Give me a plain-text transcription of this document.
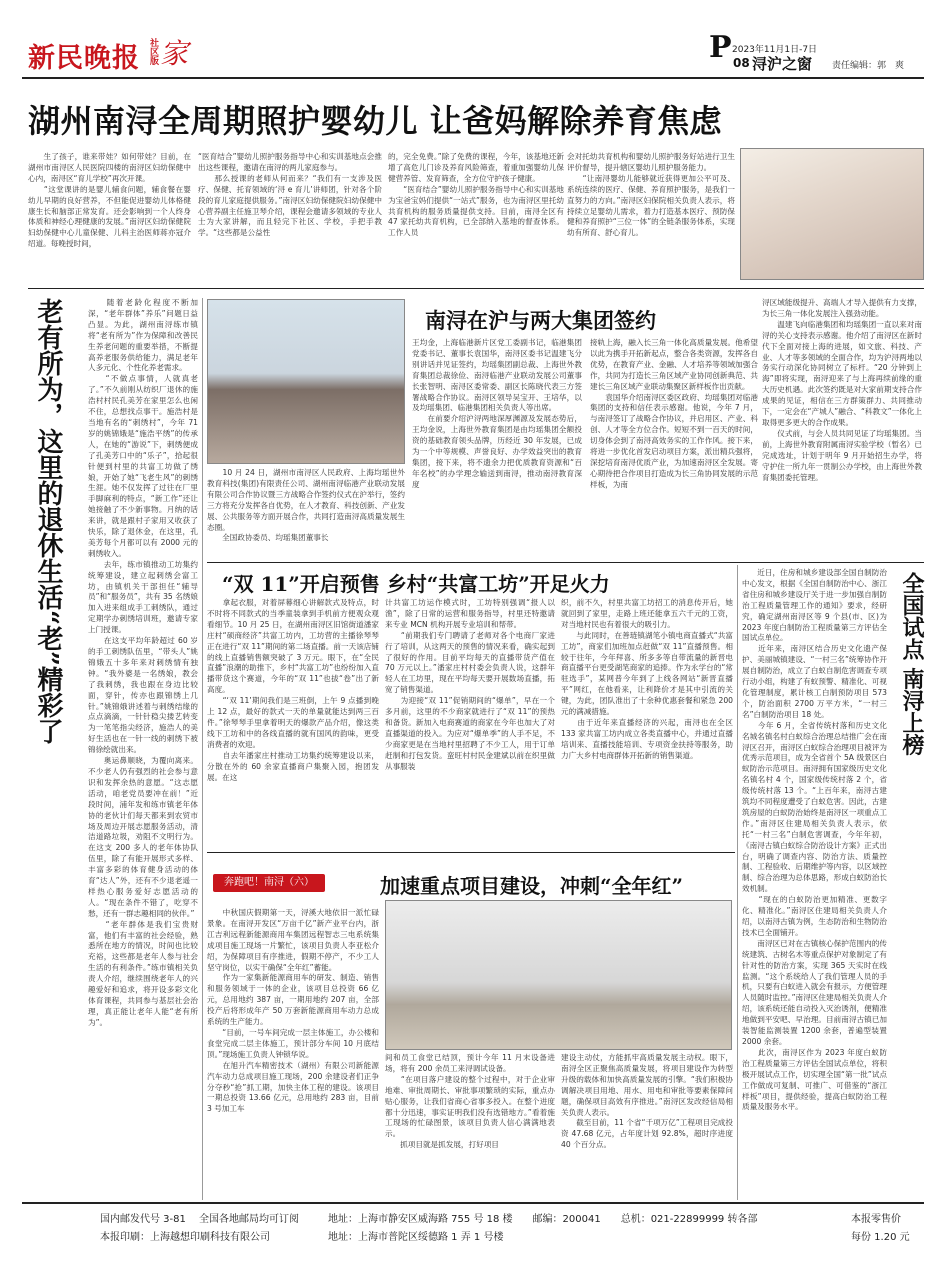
新民晚报 社区版 家	P 2023年11月1日-7日
08 浔沪之窗 责任编辑：郭　爽
湖州南浔全周期照护婴幼儿 让爸妈解除养育焦虑
　　生了孩子，谁来带娃？如何带娃？目前，在湖州市南浔区人民医院四楼的南浔区妇幼保健中心内，南浔区“育儿学校”再次开课。
　　“这堂课讲的是婴儿辅食问题，辅食餐在婴幼儿早期的良好营养，不但能促进婴幼儿体格健康生长和脑部正常发育。还会影响到一个人终身体质和神经心理健康的发展。”南浔区妇幼保健院妇幼保健中心儿童保健、儿科主治医师蒋亦冠介绍道。每晚授时间，
“医育结合”婴幼儿照护服务指导中心和实训基地点会推出这些课程，邀请在南浔的两儿家庭参与。
　　那么授课的老师从何而来？“我们有一支涉及医疗、保健、托育领域的‘浔 e 育儿’讲师团，针对各个阶段的育儿家庭提供服务。”南浔区妇幼保健院妇幼保健中心营养副主任施卫琴介绍，课程会邀请多领域的专业人士为大家讲解，而且轻完下社区、学校，手把手教学。“这些都是公益性
的，完全免费。”除了免费的课程，今年，该基地还新增了高危儿门诊及养育风险筛查，着重加强婴幼儿保健营养管、发育筛查，全方位守护孩子健康。
　　“医育结合”婴幼儿照护服务指导中心和实训基地为宝爸宝妈们提供“一站式”服务，也为南浔区里托幼共育机构的服务质量提供支持。目前，南浔全区有 47 家托幼共育机构，已全部纳入基地的督查体系。工作人员
会对托幼共育机构和婴幼儿照护服务好站进行卫生评价督导，提升辖区婴幼儿照护服务能力。
　　“让南浔婴幼儿能够就近获得更加公平可及、系统连续的医疗、保健、养育照护服务，是我们一直努力的方向。”南浔区妇保院相关负责人表示，将持续立足婴幼儿需求，着力打造基本医疗、预防保健和养育照护“三位一体”的全链条服务体系，实现幼有所育、舒心育儿。
老有所为，这里的退休生活“老”精彩了	　　随着老龄化程度不断加深，“老年群体”养乐”问题日益凸显。为此，湖州南浔练市镇将“老有所为”作为保障和改善民生养老问题的重要举措，不断提高养老服务供给能力，满足老年人多元化、个性化养老需求。
　　“不做点事情，人就真老了。”不久前刚从纺织厂退休的施浩村村民孔美芳在家里怎么也闲不住，总想找点事干。施浩村是当地有名的“刺绣村”，今年 71 岁的姚锦娥是“施浩平绣”的传承人，在她的“游说”下，刺绣便成了孔美芳口中的“乐子”，拾起很针便到村里的共富工坊做了绣娘，开始了她“飞老生风”的刺绣生涯。她不仅发挥了过往在厂里手脚麻利的特点，“新工作”还让她接触了不少新事物。月纳的话来讲，就是跟村子家用又收获了快乐，除了退休金，在这里，孔美芳每个月都可以有 2000 元的刺绣收入。
　　去年，练市镇推动工坊集约统筹建设，建立起刺绣会富工坊，由镇机关干部担任“辅导员”和“服务员”，共有 35 名绣娘加入进来组成手工刺绣队，通过定期学办刺绣培训班，邀请专家上门授课。
　　在这支平均年龄超过 60 岁的手工刺绣队伍里，“带头人”姚锦娥五十多年来对刺绣情有独钟。“我外婆是一名绣娘，教会了我刺绣，我也跟在身边比较面，穿针，传亦也跟锦绣上几针。”姚锦娥讲述着与刺绣结缘的点点滴滴，一针针稳尖搂艺转变为一笔笔指尖经济，施浩人的美好生活也在一针一线的刺绣下被锦徐绘就出来。
　　奥运鼻顺晓，为覆向离来。不少老人仍有强烈的社会参与意识和发挥余热的意愿。“这志愿活动，咱老党员要冲在前！”近段时间，浦年发和练市镇老年体协的老伙计们每天都来到农贸市场及周边开展志愿服务活动，清洁道路垃圾，劝阻不文明行为。在这支 200 多人的老年体协队伍里，除了有能开展形式多样、丰富多彩的体育健身活动的体育“达人”外，还有不少退老遥一样热心服务爱好志愿活动的人。“现在条件不错了，吃穿不愁，还有一群志趣相同的伙伴。”
　　“老年群体是我们宝贵财富，他们有丰富的社会经验，熟悉所在地方的情况，时间也比较充裕，这些都是老年人参与社会生活的有利条件。”练市镇相关负责人介绍，继续围绕老年人的兴趣爱好和追求，将开设多彩文化体育课程，共同参与基层社会治理，真正能让老年人能“老有所为”。
南浔在沪与两大集团签约
　　10 月 24 日，湖州市南浔区人民政府、上海均瑶世外教育科技(集团)有限责任公司、湖州南浔临港产业联动发展有限公司合作协议暨三方战略合作签约仪式在沪举行，签约三方将充分发挥各自优势，在人才教育、科技创新、产业发展、公共服务等方面开展合作，共同打造南浔高质量发展生态圈。
　　全国政协委员、均瑶集团董事长
王均金，上海临港新片区党工委副书记，临港集团党委书记、董事长袁国华，南浔区委书记温建飞分别讲话并见证签约，均瑶集团副总裁、上海世外教育集团总裁徐俭、南浔临港产业联动发展公司董事长张智明、南浔区委常委、副区长陈晓代表三方签署战略合作协议。南浔区领导吴宝开、王培华，以及均瑶集团、临港集团相关负责人等出席。
　　在前要介绍沪浔两地深厚渊源及发展态势后，王均金说，上海世外教育集团是由均瑶集团全额投资的基础教育领头品牌，历经近 30 年发展，已成为一个中等规模、声誉良好、办学效益突出的教育集团，接下来，将不遗余力把优质教育资源和“百年名校”的办学理念输送到南浔，推动南浔教育深度
接轨上海，融入长三角一体化高质量发展。他希望以此为携手开拓新起点，整合各类资源，发挥各自优势，在教育产业、金融、人才培养等领域加强合作，共同为打造长三角区域产业协同创新典范、共建长三角区域产业联动集聚区新样板作出贡献。
　　袁国华介绍南浔区委区政府、均瑶集团对临港集团的支持和信任表示感谢。他说，今年 7 月，与南浔签订了战略合作协议，并启用区、产业、科创、人才等全方位合作。短短不到一百天的时间，切身体会到了南浔高效务实的工作作风。接下来，将进一步优化首发启动项目方案，派出精兵强将，深挖培育南浔优质产业，为加速南浔区全发展。寄心期待把合作项目打造成为长三角协同发展的示范样板，为南
浔区域能级提升、高端人才导入提供有力支撑，为长三角一体化发展注入强劲动能。
　　温建飞向临港集团和均瑶集团一直以来对南浔的关心支持表示感谢。他介绍了南浔区在新时代下全面对接上海的进展，如文旅、科技、产业、人才等多领域的全面合作，均为沪浔两地以务实行动深化协同树立了标杆。“20 分钟到上海”即将实现，南浔迎来了与上海再续前缘的重大历史机遇。此次签约既是对大家前期支持合作成果的见证，相信在三方群策群力、共同推动下，一定会在“产城人”融合、“科教文”一体化上取得更多更大的合作成果。
　　仪式前，与会人员共同见证了均瑶集团。当前，上海世外教育附属南浔实验学校（暂名）已完成选址，计划于明年 9 月开始招生办学，将守护住一所九年一贯制公办学校，由上海世外教育集团委托管理。
“双 11”开启预售 乡村“共富工坊”开足火力
　　拿起衣服，对着屏幕细心讲解款式及特点，时不时将不同款式的当季童装拿到手机前方便观众观看细节。10 月 25 日，在湖州南浔区旧馆街道潘家庄村“硕商经济”共富工坊内，工坊营的主播徐琴琴正在进行“双 11”期间的第二场直播。前一天该店铺的线上直播销售额突破了 3 万元。眼下，在“全民直播”浪潮的助推下，乡村“共富工坊”也纷纷加入直播带货这个赛道，今年的“双 11”也拔“卷”出了新高度。
　　“‘双 11’期间我们是三班倒，上午 9 点播到晚上 12 点，最好的款式一天的单量就能达到两三百件。”徐琴琴手里拿着明天的爆款产品介绍，像这类线下工坊和中的各线直播的就有国风的韵味，更受消费者的欢迎。
　　自去年潘家庄村推动工坊集约统筹建设以来，分散在外的 60 余家直播商户集聚入园，抱团发展。在这
计共富工坊运作模式时，工坊特别强调“报人以渔”，除了日常的运营和服务指导，村里还特邀请来专业 MCN 机构开展专业培训和帮带。
　　“前期我们专门聘请了老师对各个电商厂家进行了培训，从这两天的预售的情况来看，确实起到了很好的作用。目前平均每天的直播带货产值在 70 万元以上。”潘家庄村村委会负责人说，这群年轻人在工坊里，现在平均每天要开展数场直播，拓宽了销售渠道。
　　为迎接“双 11”促销期间的“爆单”，早在一个多月前，这里的不少商家就进行了“双 11”的预热和备货。新加入电商赛道的商家在今年也加大了对直播渠道的投入。为应对“爆单季”的人手不足，不少商家更是在当地村里招聘了不少工人，用于订单赶制和打包发货。蛮旺村村民金建斌以前在织里做从事服装
织，前不久，村里共富工坊招工的消息传开后，她就回到了家里，走路上班还能拿五六千元的工资，对当地村民也有着很大的吸引力。
　　与此同时，在善琏镇湖笔小镇电商直播式“共富工坊”，商家们加班加点赶做“双 11”直播预售。相较于往年，今年拜喜、所多多等自带流量的新晋电商直播平台更受湖笔商家的追捧。作为永学台的“常驻选手”，某网普今年到了上线各网站“新晋直播平”网红，在他看来，让利降价才是其中引流的关键，为此，团队准出了十余种优惠套餐和紧急 200 元的满减措施。
　　由于近年来直播经济的兴起，南浔也在全区 133 家共富工坊内成立各类直播中心，并通过直播培训来、直播技能培训、专项资金扶持等服务，助力广大乡村电商群体开拓新的销售渠道。
　　近日，住房和城乡建设部全国自制防治中心发文，根据《全国自制防治中心、浙江省住房和城乡建设厅关于进一步加强自制防治工程质量管理工作的通知》要求，经研究，确定湖州南浔区等 9 个县(市、区)为 2023 年度白制防治工程质量第三方评估全国试点单位。
　　近年来，南浔区结合历史文化遗产保护、美丽城镇建设、“一村三名”统筹协作开展自制防治，成立了白蚁自制危害调查专项行动小组，构建了有蚁预警、精准化、可视化管理制度，累计核工白制预防项目 573 个，防治面积 2700 万平方米，“一村三名”白制防治项目 18 处。
　　今年 6 月，全省传统村落和历史文化名城名镇名村白蚁综合治理总结推广会在南浔区召开，南浔区白蚁综合治理项目被评为优秀示范项目，成为全省首个 5A 级景区白蚁防治示范项目。南浔拥有国家级历史文化名镇名村 4 个，国家级传统村落 2 个，省级传统村落 13 个。“上百年来，南浔古建筑均不同程度遭受了白蚁危害。因此，古建筑房屋的白蚁防治始终是南浔区一项重点工作。”南浔区住建局相关负责人表示，依托“一村三名”白制危害调查，今年年初，《南浔古镇白蚁综合防治设计方案》正式出台，明确了调查内容、防治方法、质量控制、工程验收、后期维护等内容，以区域控制、综合治理为总体思路，形成白蚁防治长效机制。
　　“现在的白蚁防治更加精准、更数字化、精准化。”南浔区住建局相关负责人介绍，以南浔古镇为例，生态防治和生物防治技术已全面铺开。
　　南浔区已对在古镇核心保护范围内的传统建筑、古树名木等重点保护对象制定了有针对性的防治方案，实现 365 天实时在线监测。“这个系统给人了我们管理人员的手机，只要有白蚁进入就会有报示，方便管理人员随时监控。”南浔区住建局相关负责人介绍，该系统还能自动投入灭治诱剂，便精准地做到平安吧、早治理。目前南浔古镇已加装智能监测装置 1200 余套，普遍型装置 2000 余套。
　　此次，南浔区作为 2023 年度白蚁防治工程质量第三方评估全国试点单位，将积极开展试点工作，切实理全国“第一批”试点工作做成可复制、可推广、可借鉴的“浙江样板”项目，提供经验，提高白蚁防治工程质量及服务水平。
全国试点 南浔上榜
奔跑吧！南浔（六）	加速重点项目建设，冲刺“全年红”
　　中秋国庆假期第一天，浔溪大地依旧一派忙碌景象。在南浔开发区“万亩千亿”新产业平台内，浙江吉利远程新能源商用车集团远程智志三电系统集成项目施工现场一片繁忙，该项目负责人李亚松介绍，为保障项目有序推进，假期不停产，不少工人坚守岗位，以实干确保“全年红”蓄能。
　　作为一家集新能源商用车的研发、制造、销售和服务领域于一体的企业，该项目总投资 66 亿元，总用地约 387 亩，一期用地约 207 亩，全部投产后将形成年产 50 万套新能源商用车动力总成系统的生产能力。
　　“目前，一号车间完成一层主体施工，办公楼和食堂完成二层主体施工，预计部分车间 10 月底结顶。”现场施工负责人钟锁华说。
　　在旭升汽车精密技术（湖州）有限公司新能源汽车动力总成项目施工现场，200 余建设者们正争分夺秒“抢”抓工期，加快主体工程的建设。该项目一期总投资 13.66 亿元，总用地约 283 亩，目前 3 号加工车
间和员工食堂已结顶，预计今年 11 月末设备进场，将有 200 余员工来浔调试设备。
　　“在项目落户建设的整个过程中，对于企业审地难、审批周期长、审批事项繁琐的实际，重点办贴心服务，让我们省商心省事多投入。在整个进度都十分迅速，事实证明我们没有选错地方。”看着施工现场的忙碌图景，该项目负责人信心满满地表示。
　　抓项目就是抓发展，打好项目
建设主动仗，方能抓牢高质量发展主动权。眼下，南浔全区正聚焦高质量发展，将项目建设作为转型升级的载体和加快高质量发展的引擎。“我们积极协调解决项目用地、用水、用电和审批等要素保障问题，确保项目高效有序推进。”南浔区发改经信局相关负责人表示。
　　截至目前，11 个省“千项万亿”工程项目完成投资 47.68 亿元，占年度计划 92.8%，超时序进度 40 个百分点。
国内邮发代号 3-81　 全国各地邮局均可订阅	地址：上海市静安区威海路 755 号 18 楼　　邮编：200041　　总机：021-22899999 转各部	本报零售价
本报印刷：上海越想印刷科技有限公司	地址：上海市普陀区绥德路 1 弄 1 号楼	每份 1.20 元
